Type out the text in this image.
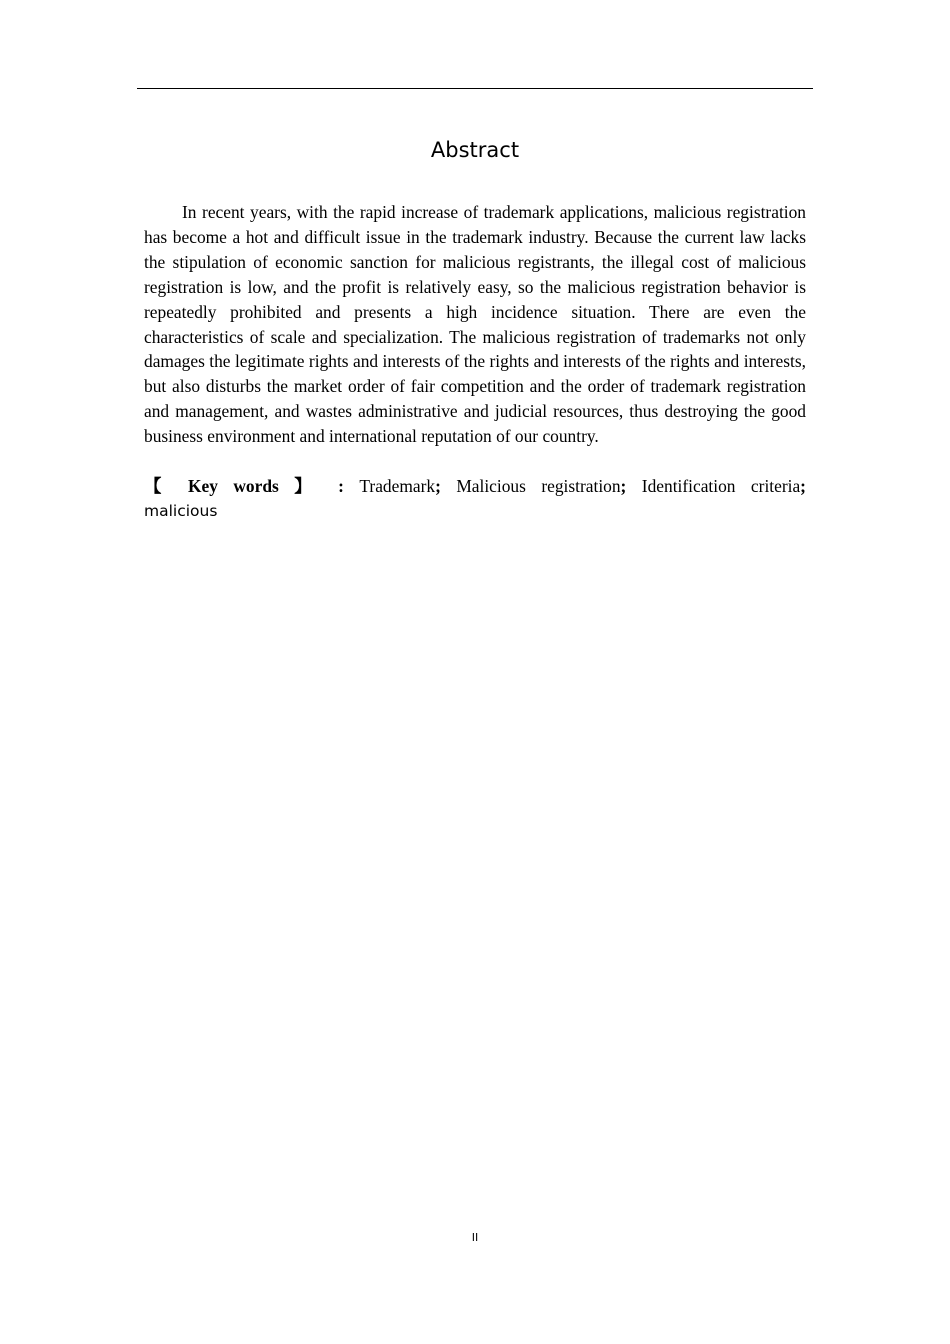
Abstract

In recent years, with the rapid increase of trademark applications, malicious registration has become a hot and difficult issue in the trademark industry. Because the current law lacks the stipulation of economic sanction for malicious registrants, the illegal cost of malicious registration is low, and the profit is relatively easy, so the malicious registration behavior is repeatedly prohibited and presents a high incidence situation. There are even the characteristics of scale and specialization. The malicious registration of trademarks not only damages the legitimate rights and interests of the rights and interests of the rights and interests, but also disturbs the market order of fair competition and the order of trademark registration and management, and wastes administrative and judicial resources, thus destroying the good business environment and international reputation of our country.

【 Key words 】 : Trademark; Malicious registration; Identification criteria;

malicious

II
